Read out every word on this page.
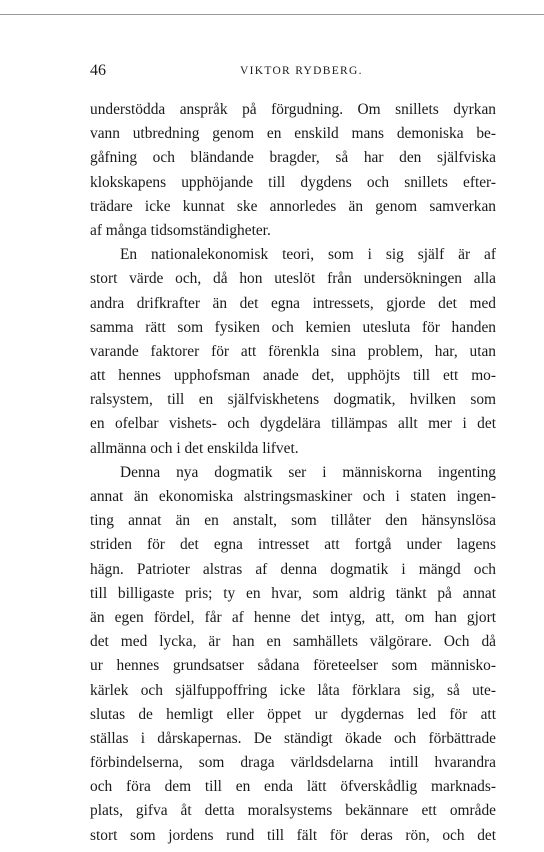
46	VIKTOR RYDBERG.

understödda anspråk på förgudning. Om snillets dyrkan
vann utbredning genom en enskild mans demoniska be-
gåfning och bländande bragder, så har den själfviska
klokskapens upphöjande till dygdens och snillets efter-
trädare icke kunnat ske annorledes än genom samverkan
af många tidsomständigheter.

En nationalekonomisk teori, som i sig själf är af
stort värde och, då hon uteslöt från undersökningen alla
andra drifkrafter än det egna intressets, gjorde det med
samma rätt som fysiken och kemien utesluta för handen
varande faktorer för att förenkla sina problem, har, utan
att hennes upphofsman anade det, upphöjts till ett mo-
ralsystem, till en själfviskhetens dogmatik, hvilken som
en ofelbar vishets- och dygdelära tillämpas allt mer i det
allmänna och i det enskilda lifvet.

Denna nya dogmatik ser i människorna ingenting
annat än ekonomiska alstringsmaskiner och i staten ingen-
ting annat än en anstalt, som tillåter den hänsynslösa
striden för det egna intresset att fortgå under lagens
hägn. Patrioter alstras af denna dogmatik i mängd och
till billigaste pris; ty en hvar, som aldrig tänkt på annat
än egen fördel, får af henne det intyg, att, om han gjort
det med lycka, är han en samhällets välgörare. Och då
ur hennes grundsatser sådana företeelser som människo-
kärlek och själfuppoffring icke låta förklara sig, så ute-
slutas de hemligt eller öppet ur dygdernas led för att
ställas i dårskapernas. De ständigt ökade och förbättrade
förbindelserna, som draga världsdelarna intill hvarandra
och föra dem till en enda lätt öfverskådlig marknads-
plats, gifva åt detta moralsystems bekännare ett område
stort som jordens rund till fält för deras rön, och det
